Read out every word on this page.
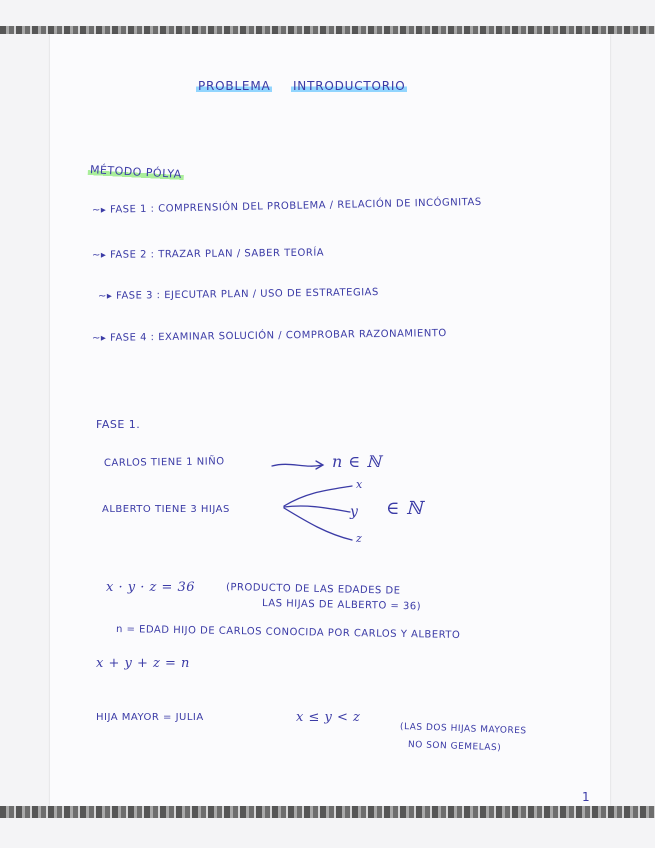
PROBLEMA INTRODUCTORIO
MÉTODO PÓLYA
~▸ FASE 1 : COMPRENSIÓN DEL PROBLEMA / RELACIÓN DE INCÓGNITAS
~▸ FASE 2 : TRAZAR PLAN / SABER TEORÍA
~▸ FASE 3 : EJECUTAR PLAN / USO DE ESTRATEGIAS
~▸ FASE 4 : EXAMINAR SOLUCIÓN / COMPROBAR RAZONAMIENTO
FASE 1.
CARLOS TIENE 1 NIÑO	n ∈ ℕ
ALBERTO TIENE 3 HIJAS
x
y
z
∈ ℕ
x · y · z = 36	(PRODUCTO DE LAS EDADES DE
LAS HIJAS DE ALBERTO = 36)
n = EDAD HIJO DE CARLOS CONOCIDA POR CARLOS Y ALBERTO
x + y + z = n
HIJA MAYOR = JULIA	x ≤ y < z
(LAS DOS HIJAS MAYORES
NO SON GEMELAS)
1
